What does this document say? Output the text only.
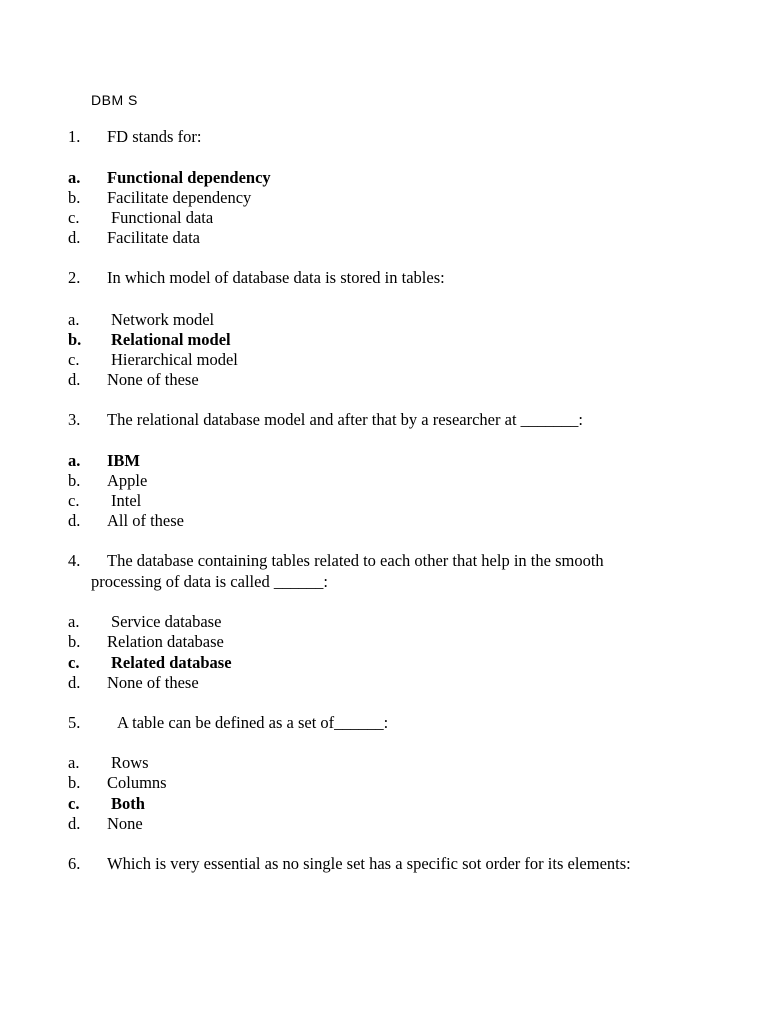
DBM S
1. FD stands for:
a. Functional dependency
b. Facilitate dependency
c. Functional data
d. Facilitate data
2. In which model of database data is stored in tables:
a. Network model
b. Relational model
c. Hierarchical model
d. None of these
3. The relational database model and after that by a researcher at _______:
a. IBM
b. Apple
c. Intel
d. All of these
4. The database containing tables related to each other that help in the smooth
processing of data is called ______:
a. Service database
b. Relation database
c. Related database
d. None of these
5. A table can be defined as a set of______:
a. Rows
b. Columns
c. Both
d. None
6. Which is very essential as no single set has a specific sot order for its elements:
